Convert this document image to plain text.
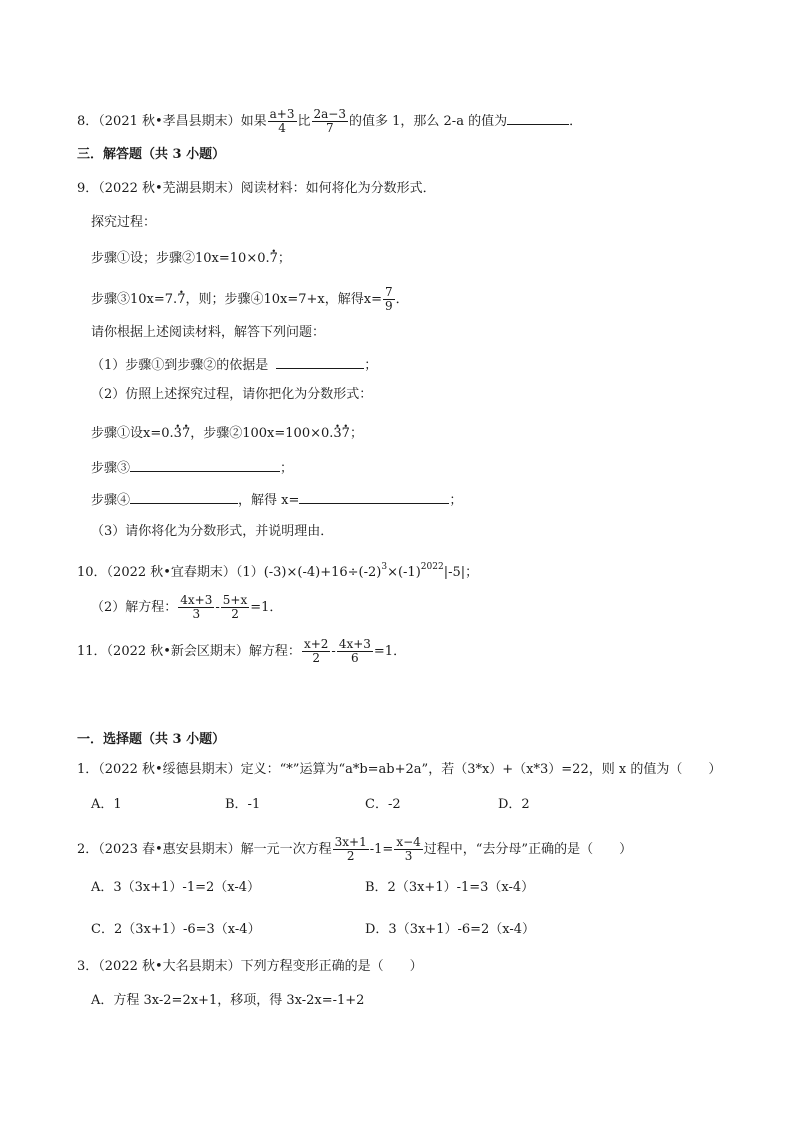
8．（2021 秋•孝昌县期末）如果 $\frac{a+3}{4}$ 比 $\frac{2a-3}{7}$ 的值多 1，那么 2-a 的值为	．
三．解答题（共 3 小题）
9．（2022 秋•芜湖县期末）阅读材料：如何将化为分数形式．
探究过程：
步骤①设；步骤②10x=10×0.. 7；
步骤③10x=7.. 7，则；步骤④10x=7+x，解得$x= \frac{7}{9}$ ．
请你根据上述阅读材料，解答下列问题：
（1）步骤①到步骤②的依据是	；
（2）仿照上述探究过程，请你把化为分数形式：
步骤①设x=0.. 3. 7，步骤②100x=100×0.. 3. 7；
步骤③	；
步骤④	，解得 x=	；
（3）请你将化为分数形式，并说明理由．
10．（2022 秋•宜春期末）$(1)(-3)\times(-4)+16\div(-2)^3\times(-1)^{2022}|-5|$；
（2）解方程： $\frac{4x+3}{3} - \frac{5+x}{2} =1$．
11．（2022 秋•新会区期末）解方程： $\frac{x+2}{2} - \frac{4x+3}{6} =1$．
一．选择题（共 3 小题）
1．（2022 秋•绥德县期末）定义：“*”运算为“a*b=ab+2a”，若（3*x）+（x*3）=22，则 x 的值为（　　）
A．1	B．-1	C．-2	D．2
2．（2023 春•惠安县期末）解一元一次方程 $\frac{3x+1}{2} -1= \frac{x-4}{3}$ 过程中，“去分母”正确的是（　　）
A．3（3x+1）-1=2（x-4）	B．2（3x+1）-1=3（x-4）
C．2（3x+1）-6=3（x-4）	D．3（3x+1）-6=2（x-4）
3．（2022 秋•大名县期末）下列方程变形正确的是（　　）
A．方程 3x-2=2x+1，移项，得 3x-2x=-1+2
